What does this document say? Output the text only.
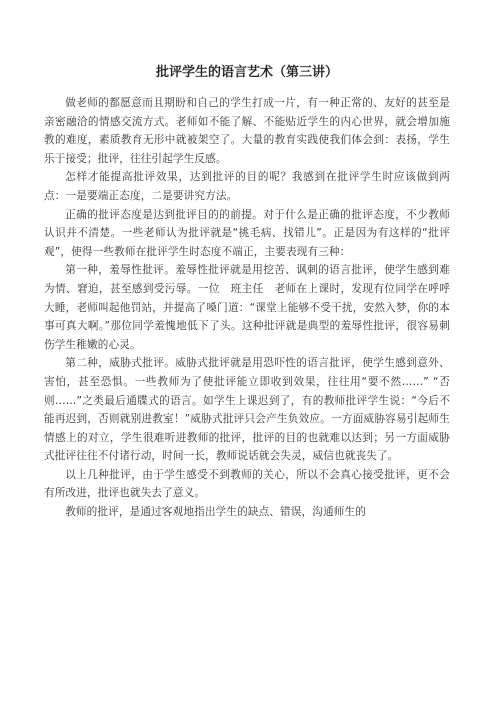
批评学生的语言艺术（第三讲）

做老师的都愿意而且期盼和自己的学生打成一片，有一种正常的、友好的甚至是亲密融洽的情感交流方式。老师如不能了解、不能贴近学生的内心世界，就会增加施教的难度，素质教育无形中就被架空了。大量的教育实践使我们体会到：表扬，学生乐于接受；批评，往往引起学生反感。

怎样才能提高批评效果，达到批评的目的呢？我感到在批评学生时应该做到两点：一是要端正态度，二是要讲究方法。

正确的批评态度是达到批评目的的前提。对于什么是正确的批评态度，不少教师认识并不清楚。一些老师认为批评就是“挑毛病、找错儿”。正是因为有这样的“批评观”，使得一些教师在批评学生时态度不端正，主要表现有三种：

第一种，羞辱性批评。羞辱性批评就是用挖苦、讽刺的语言批评，使学生感到难为情、窘迫，甚至感到受污辱。一位　班主任　老师在上课时，发现有位同学在呼呼大睡，老师叫起他罚站，并提高了嗓门道：“课堂上能够不受干扰，安然入梦，你的本事可真大啊。”那位同学羞愧地低下了头。这种批评就是典型的羞辱性批评，很容易刺伤学生稚嫩的心灵。

第二种，威胁式批评。威胁式批评就是用恐吓性的语言批评，使学生感到意外、害怕，甚至恐惧。一些教师为了使批评能立即收到效果，往往用“要不然……” “否则……”之类最后通牒式的语言。如学生上课迟到了，有的教师批评学生说：“今后不能再迟到，否则就别进教室！”威胁式批评只会产生负效应。一方面威胁容易引起师生情感上的对立，学生很难听进教师的批评，批评的目的也就难以达到；另一方面威胁式批评往往不付诸行动，时间一长，教师说话就会失灵，威信也就丧失了。

以上几种批评，由于学生感受不到教师的关心，所以不会真心接受批评，更不会有所改进，批评也就失去了意义。

教师的批评，是通过客观地指出学生的缺点、错误，沟通师生的
